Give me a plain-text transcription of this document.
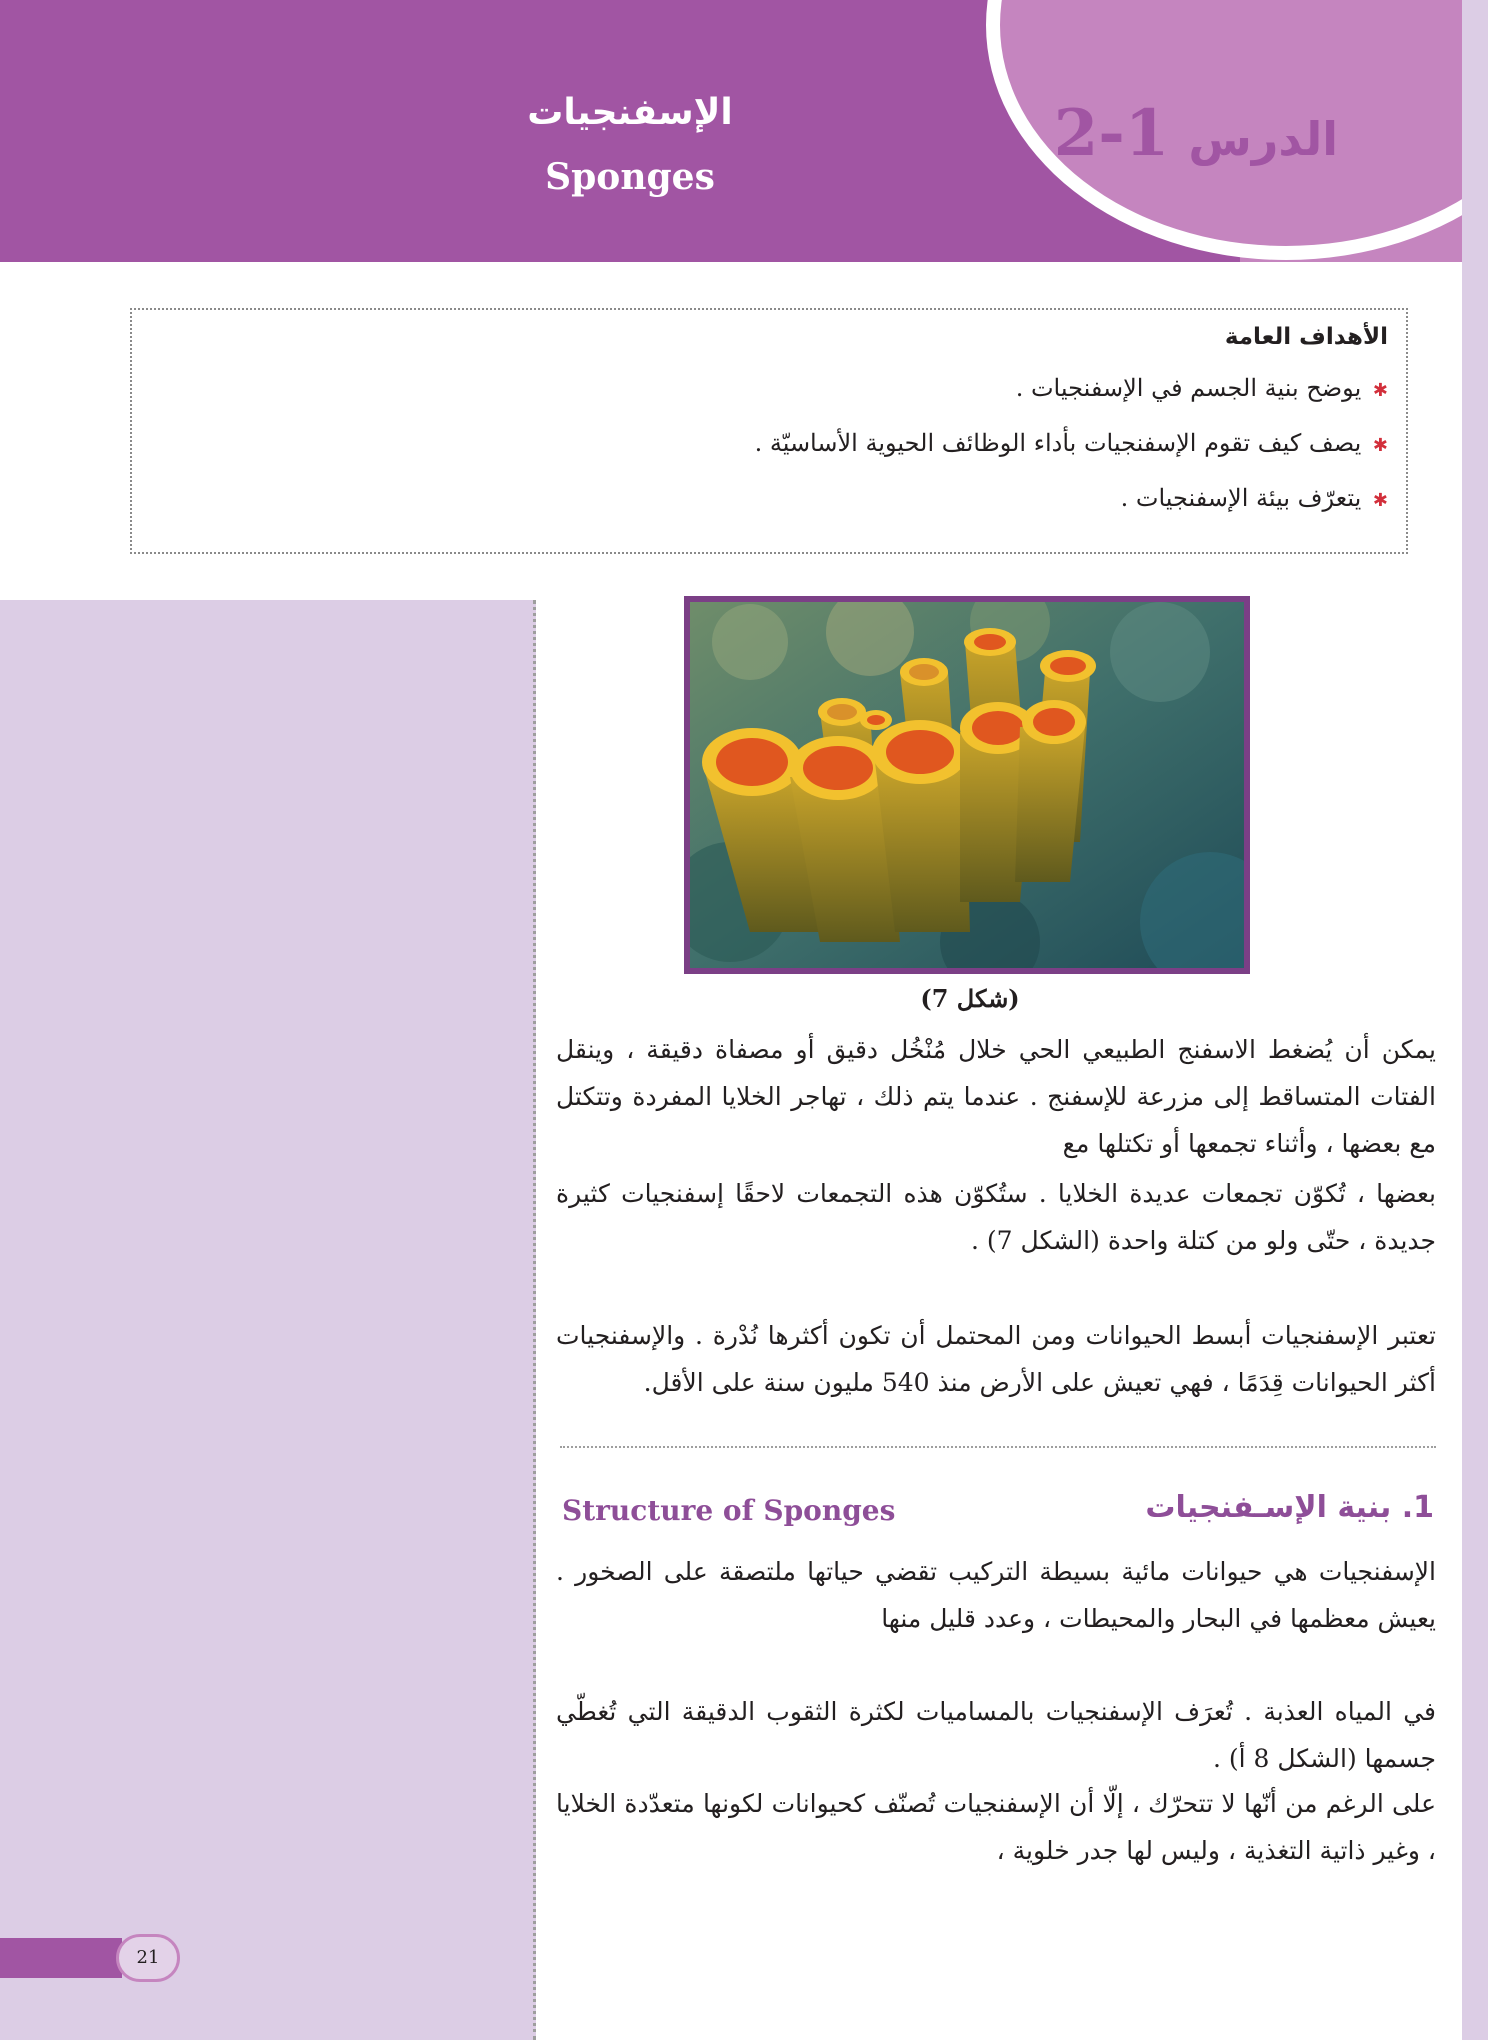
الدرس 2-1
الإسفنجيات
Sponges
الأهداف العامة
✱ يوضح بنية الجسم في الإسفنجيات .
✱ يصف كيف تقوم الإسفنجيات بأداء الوظائف الحيوية الأساسيّة .
✱ يتعرّف بيئة الإسفنجيات .
21
(شكل 7)
يمكن أن يُضغط الاسفنج الطبيعي الحي خلال مُنْخُل دقيق أو مصفاة دقيقة ، وينقل الفتات المتساقط إلى مزرعة للإسفنج . عندما يتم ذلك ، تهاجر الخلايا المفردة وتتكتل مع بعضها ، وأثناء تجمعها أو تكتلها مع
بعضها ، تُكوّن تجمعات عديدة الخلايا . ستُكوّن هذه التجمعات لاحقًا إسفنجيات كثيرة جديدة ، حتّى ولو من كتلة واحدة (الشكل 7) .
تعتبر الإسفنجيات أبسط الحيوانات ومن المحتمل أن تكون أكثرها نُدْرة . والإسفنجيات أكثر الحيوانات قِدَمًا ، فهي تعيش على الأرض منذ 540 مليون سنة على الأقل.
1. بنية الإسـفنجيات
Structure of Sponges
الإسفنجيات هي حيوانات مائية بسيطة التركيب تقضي حياتها ملتصقة على الصخور . يعيش معظمها في البحار والمحيطات ، وعدد قليل منها
في المياه العذبة . تُعرَف الإسفنجيات بالمساميات لكثرة الثقوب الدقيقة التي تُغطّي جسمها (الشكل 8 أ) .
على الرغم من أنّها لا تتحرّك ، إلّا أن الإسفنجيات تُصنّف كحيوانات لكونها متعدّدة الخلايا ، وغير ذاتية التغذية ، وليس لها جدر خلوية ،
